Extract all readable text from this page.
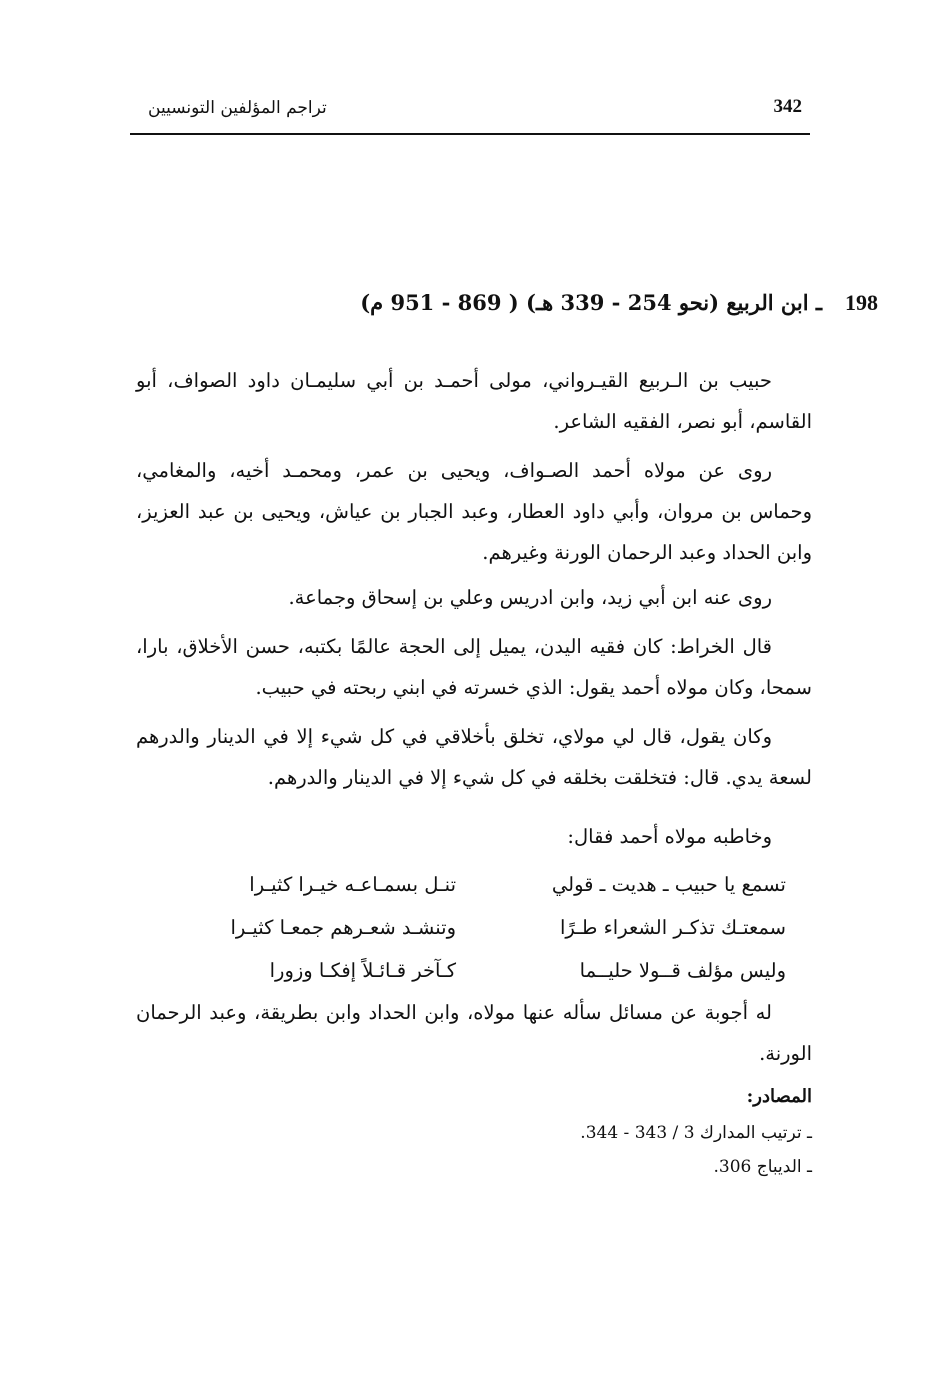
342
تراجم المؤلفين التونسيين
198
ـ ابن الربيع (نحو 254 - 339 هـ) ( 869 - 951 م)

حبيب بن الـربيع القيـرواني، مولى أحمـد بن أبي سليمـان داود الصواف، أبو القاسم، أبو نصر، الفقيه الشاعر.

روى عن مولاه أحمد الصـواف، ويحيى بن عمر، ومحمـد أخيه، والمغامي، وحماس بن مروان، وأبي داود العطار، وعبد الجبار بن عياش، ويحيى بن عبد العزيز، وابن الحداد وعبد الرحمان الورنة وغيرهم.

روى عنه ابن أبي زيد، وابن ادريس وعلي بن إسحاق وجماعة.

قال الخراط: كان فقيه اليدن، يميل إلى الحجة عالمًا بكتبه، حسن الأخلاق، بارا، سمحا، وكان مولاه أحمد يقول: الذي خسرته في ابني ربحته في حبيب.

وكان يقول، قال لي مولاي، تخلق بأخلاقي في كل شيء إلا في الدينار والدرهم لسعة يدي. قال: فتخلقت بخلقه في كل شيء إلا في الدينار والدرهم.

وخاطبه مولاه أحمد فقال:

تسمع يا حبيب ـ هديت ـ قولي
تنـل بسمـاعـه خيـرا كثيـرا
سمعتـك تذكـر الشعراء طـرًا
وتنشـد شعـرهم جمعـا كثيـرا
وليس مؤلف قــولا حليــما
كـآخر قـائـلاً إفكـا وزورا

له أجوبة عن مسائل سأله عنها مولاه، وابن الحداد وابن بطريقة، وعبد الرحمان الورنة.

المصادر:
ـ ترتيب المدارك 3 / 343 - 344.
ـ الديباج 306.
